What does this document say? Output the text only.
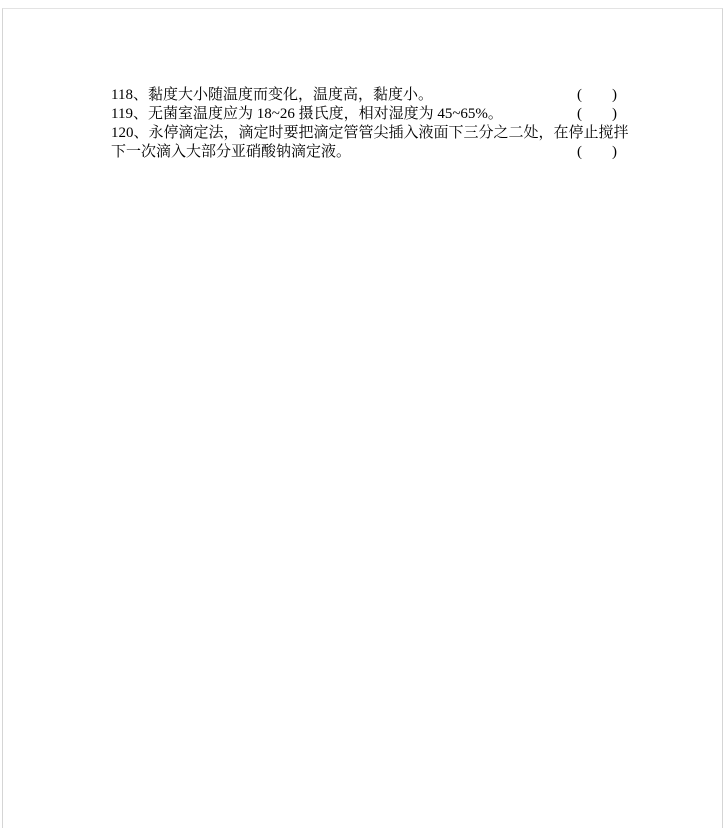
118、黏度大小随温度而变化，温度高，黏度小。	(        )
119、无菌室温度应为 18~26 摄氏度，相对湿度为 45~65%。	(        )
120、永停滴定法，滴定时要把滴定管管尖插入液面下三分之二处，在停止搅拌
下一次滴入大部分亚硝酸钠滴定液。	(        )
